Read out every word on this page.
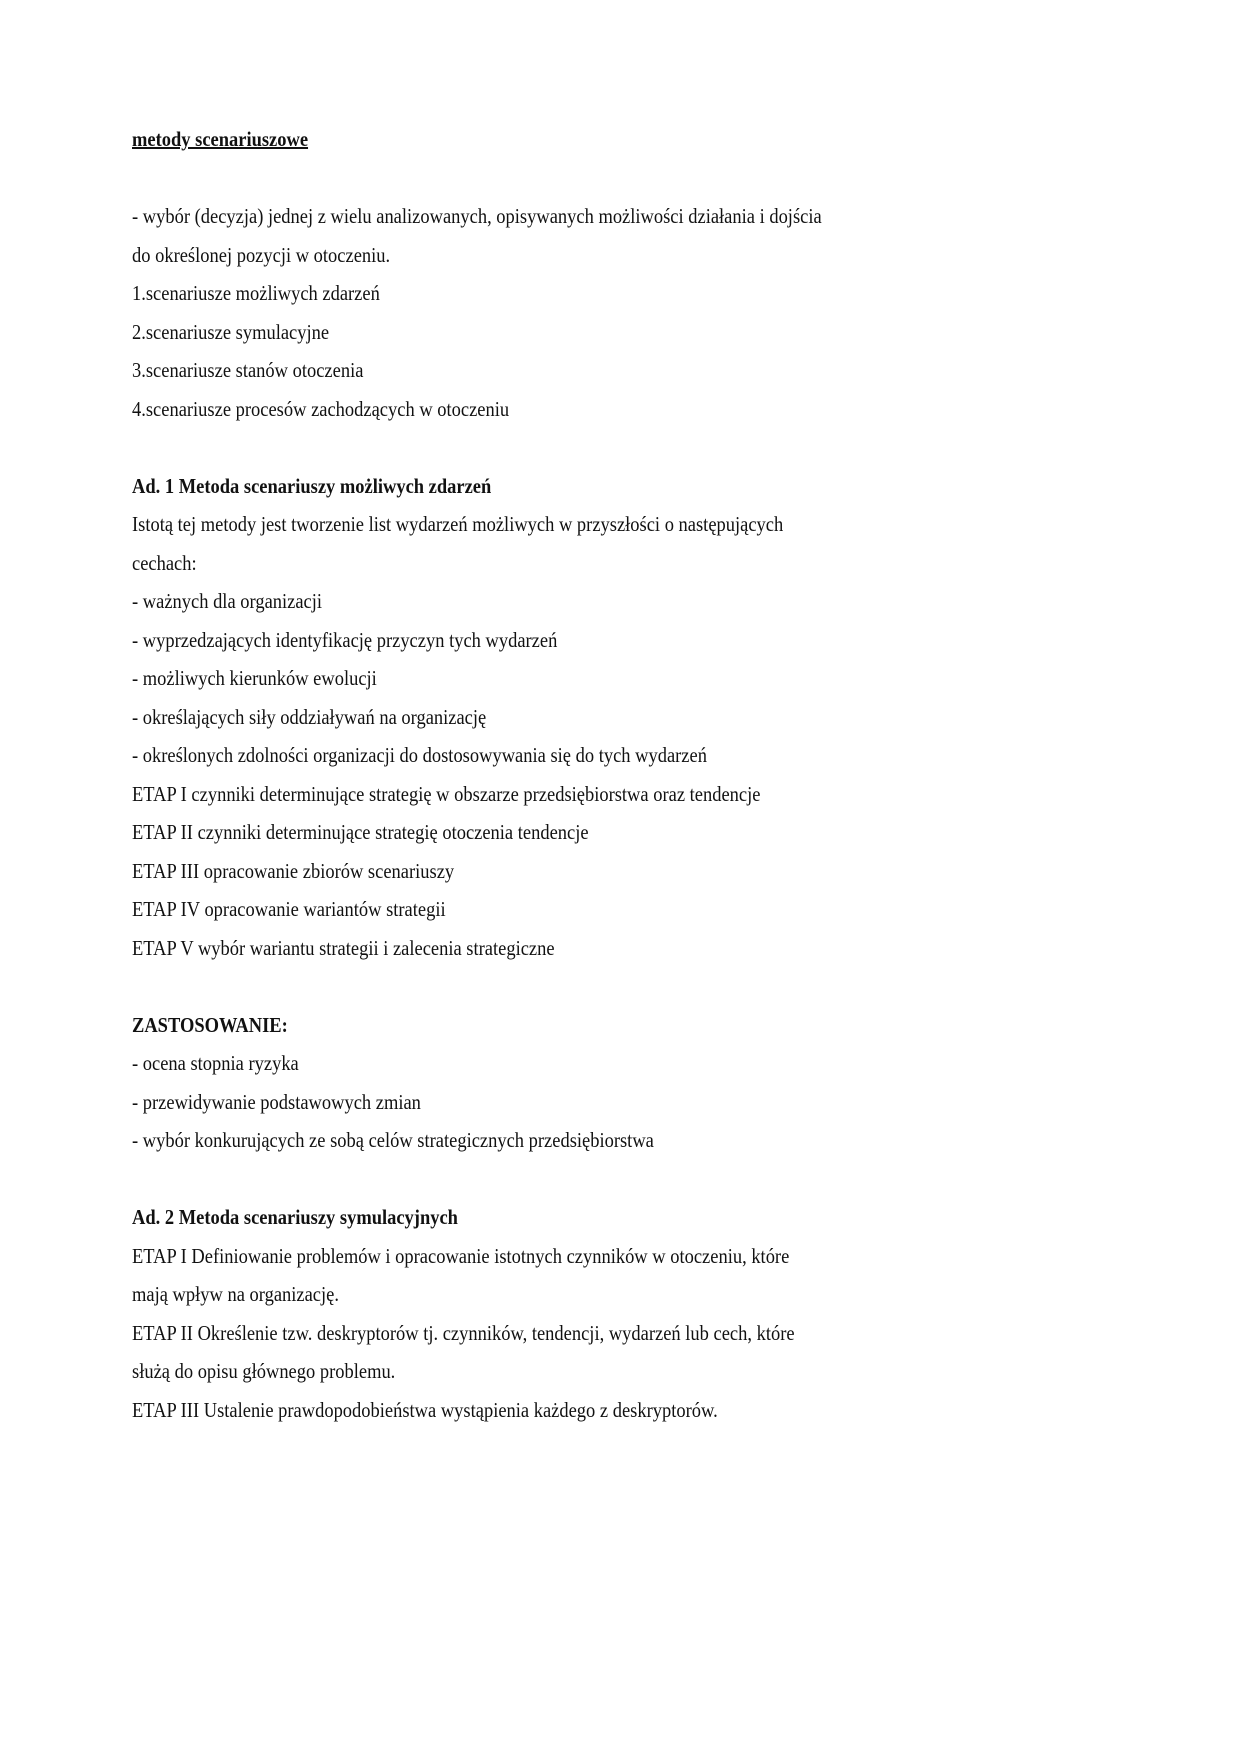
metody scenariuszowe
- wybór (decyzja) jednej z wielu analizowanych, opisywanych możliwości działania i dojścia
do określonej pozycji w otoczeniu.
1.scenariusze możliwych zdarzeń
2.scenariusze symulacyjne
3.scenariusze stanów otoczenia
4.scenariusze procesów zachodzących w otoczeniu
Ad. 1 Metoda scenariuszy możliwych zdarzeń
Istotą tej metody jest tworzenie list wydarzeń możliwych w przyszłości o następujących
cechach:
- ważnych dla organizacji
- wyprzedzających identyfikację przyczyn tych wydarzeń
- możliwych kierunków ewolucji
- określających siły oddziaływań na organizację
- określonych zdolności organizacji do dostosowywania się do tych wydarzeń
ETAP I czynniki determinujące strategię w obszarze przedsiębiorstwa oraz tendencje
ETAP II czynniki determinujące strategię otoczenia tendencje
ETAP III opracowanie zbiorów scenariuszy
ETAP IV opracowanie wariantów strategii
ETAP V wybór wariantu strategii i zalecenia strategiczne
ZASTOSOWANIE:
- ocena stopnia ryzyka
- przewidywanie podstawowych zmian
- wybór konkurujących ze sobą celów strategicznych przedsiębiorstwa
Ad. 2 Metoda scenariuszy symulacyjnych
ETAP I Definiowanie problemów i opracowanie istotnych czynników w otoczeniu, które
mają wpływ na organizację.
ETAP II Określenie tzw. deskryptorów tj. czynników, tendencji, wydarzeń lub cech, które
służą do opisu głównego problemu.
ETAP III Ustalenie prawdopodobieństwa wystąpienia każdego z deskryptorów.
